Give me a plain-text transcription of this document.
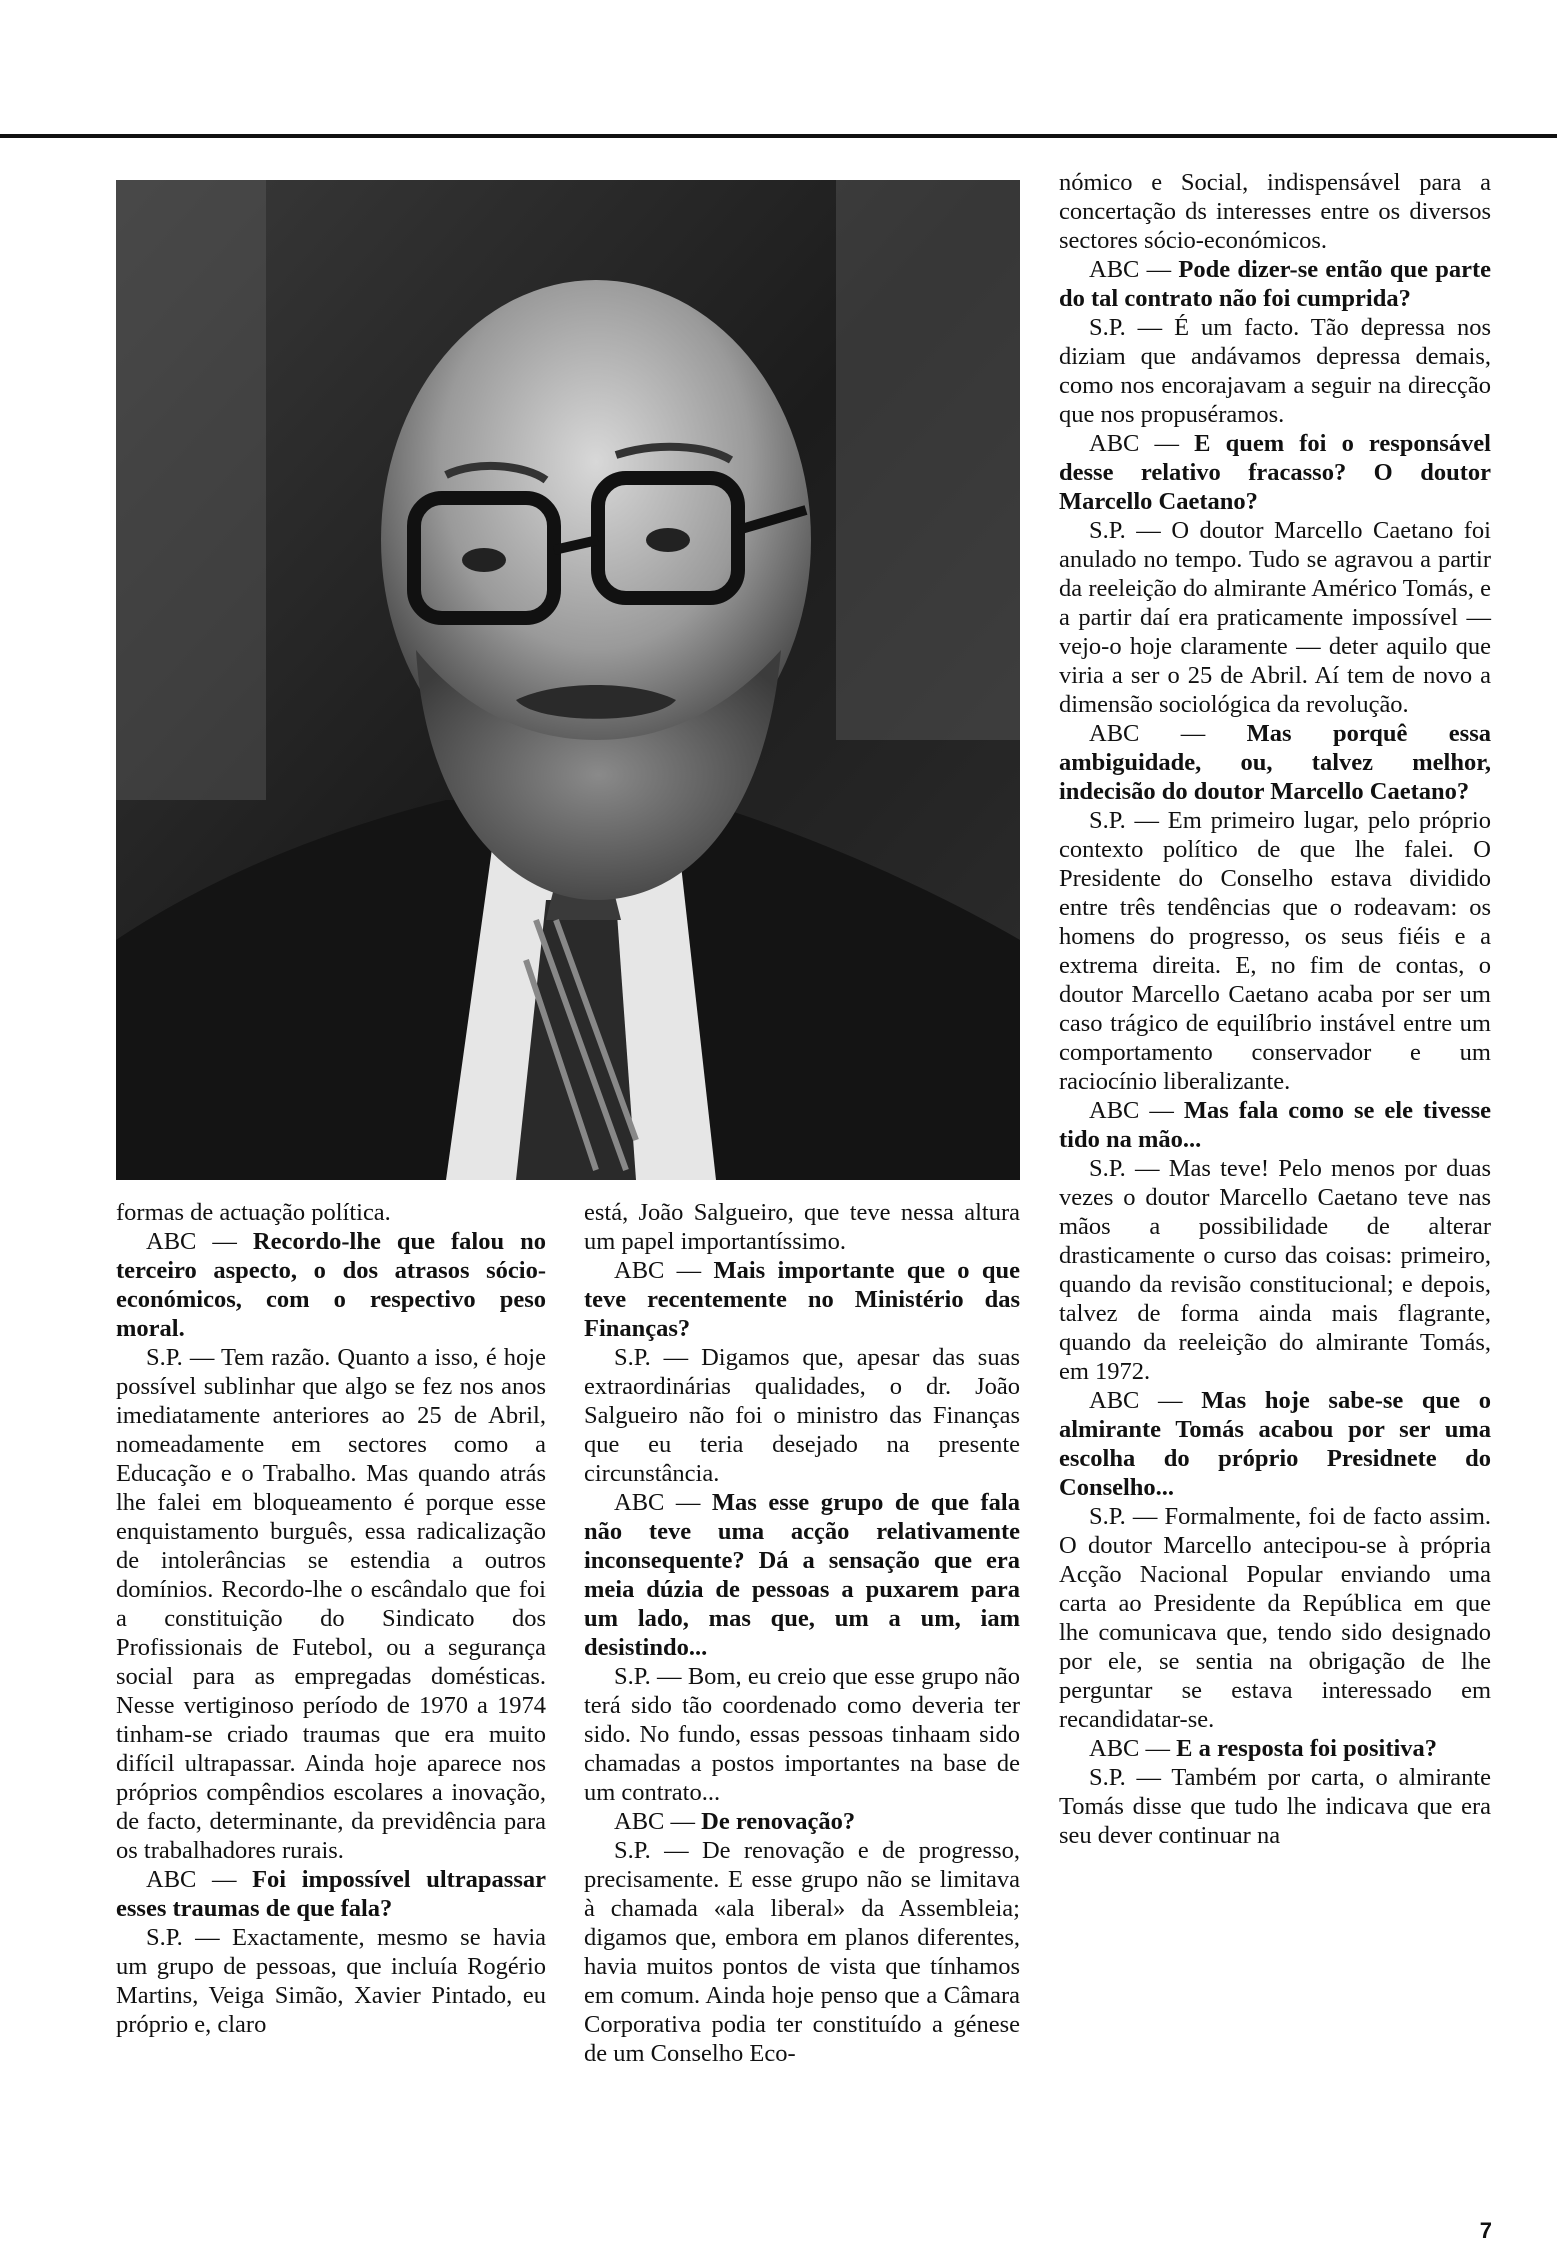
nómico e Social, indispensável para a concertação ds interesses entre os diversos sectores sócio-económicos.

ABC — Pode dizer-se então que parte do tal contrato não foi cumprida?

S.P. — É um facto. Tão depressa nos diziam que andávamos depressa demais, como nos encorajavam a seguir na direcção que nos propuséramos.

ABC — E quem foi o responsável desse relativo fracasso? O doutor Marcello Caetano?

S.P. — O doutor Marcello Caetano foi anulado no tempo. Tudo se agravou a partir da reeleição do almirante Américo Tomás, e a partir daí era praticamente impossível — vejo-o hoje claramente — deter aquilo que viria a ser o 25 de Abril. Aí tem de novo a dimensão sociológica da revolução.

ABC — Mas porquê essa ambiguidade, ou, talvez melhor, indecisão do doutor Marcello Caetano?

S.P. — Em primeiro lugar, pelo próprio contexto político de que lhe falei. O Presidente do Conselho estava dividido entre três tendências que o rodeavam: os homens do progresso, os seus fiéis e a extrema direita. E, no fim de contas, o doutor Marcello Caetano acaba por ser um caso trágico de equilíbrio instável entre um comportamento conservador e um raciocínio liberalizante.

ABC — Mas fala como se ele tivesse tido na mão...

S.P. — Mas teve! Pelo menos por duas vezes o doutor Marcello Caetano teve nas mãos a possibilidade de alterar drasticamente o curso das coisas: primeiro, quando da revisão constitucional; e depois, talvez de forma ainda mais flagrante, quando da reeleição do almirante Tomás, em 1972.

ABC — Mas hoje sabe-se que o almirante Tomás acabou por ser uma escolha do próprio Presidnete do Conselho...

S.P. — Formalmente, foi de facto assim. O doutor Marcello antecipou-se à própria Acção Nacional Popular enviando uma carta ao Presidente da República em que lhe comunicava que, tendo sido designado por ele, se sentia na obrigação de lhe perguntar se estava interessado em recandidatar-se.

ABC — E a resposta foi positiva?

S.P. — Também por carta, o almirante Tomás disse que tudo lhe indicava que era seu dever continuar na

formas de actuação política.

ABC — Recordo-lhe que falou no terceiro aspecto, o dos atrasos sócio-económicos, com o respectivo peso moral.

S.P. — Tem razão. Quanto a isso, é hoje possível sublinhar que algo se fez nos anos imediatamente anteriores ao 25 de Abril, nomeadamente em sectores como a Educação e o Trabalho. Mas quando atrás lhe falei em bloqueamento é porque esse enquistamento burguês, essa radicalização de intolerâncias se estendia a outros domínios. Recordo-lhe o escândalo que foi a constituição do Sindicato dos Profissionais de Futebol, ou a segurança social para as empregadas domésticas. Nesse vertiginoso período de 1970 a 1974 tinham-se criado traumas que era muito difícil ultrapassar. Ainda hoje aparece nos próprios compêndios escolares a inovação, de facto, determinante, da previdência para os trabalhadores rurais.

ABC — Foi impossível ultrapassar esses traumas de que fala?

S.P. — Exactamente, mesmo se havia um grupo de pessoas, que incluía Rogério Martins, Veiga Simão, Xavier Pintado, eu próprio e, claro

está, João Salgueiro, que teve nessa altura um papel importantíssimo.

ABC — Mais importante que o que teve recentemente no Ministério das Finanças?

S.P. — Digamos que, apesar das suas extraordinárias qualidades, o dr. João Salgueiro não foi o ministro das Finanças que eu teria desejado na presente circunstância.

ABC — Mas esse grupo de que fala não teve uma acção relativamente inconsequente? Dá a sensação que era meia dúzia de pessoas a puxarem para um lado, mas que, um a um, iam desistindo...

S.P. — Bom, eu creio que esse grupo não terá sido tão coordenado como deveria ter sido. No fundo, essas pessoas tinhaam sido chamadas a postos importantes na base de um contrato...

ABC — De renovação?

S.P. — De renovação e de progresso, precisamente. E esse grupo não se limitava à chamada «ala liberal» da Assembleia; digamos que, embora em planos diferentes, havia muitos pontos de vista que tínhamos em comum. Ainda hoje penso que a Câmara Corporativa podia ter constituído a génese de um Conselho Eco-

7
